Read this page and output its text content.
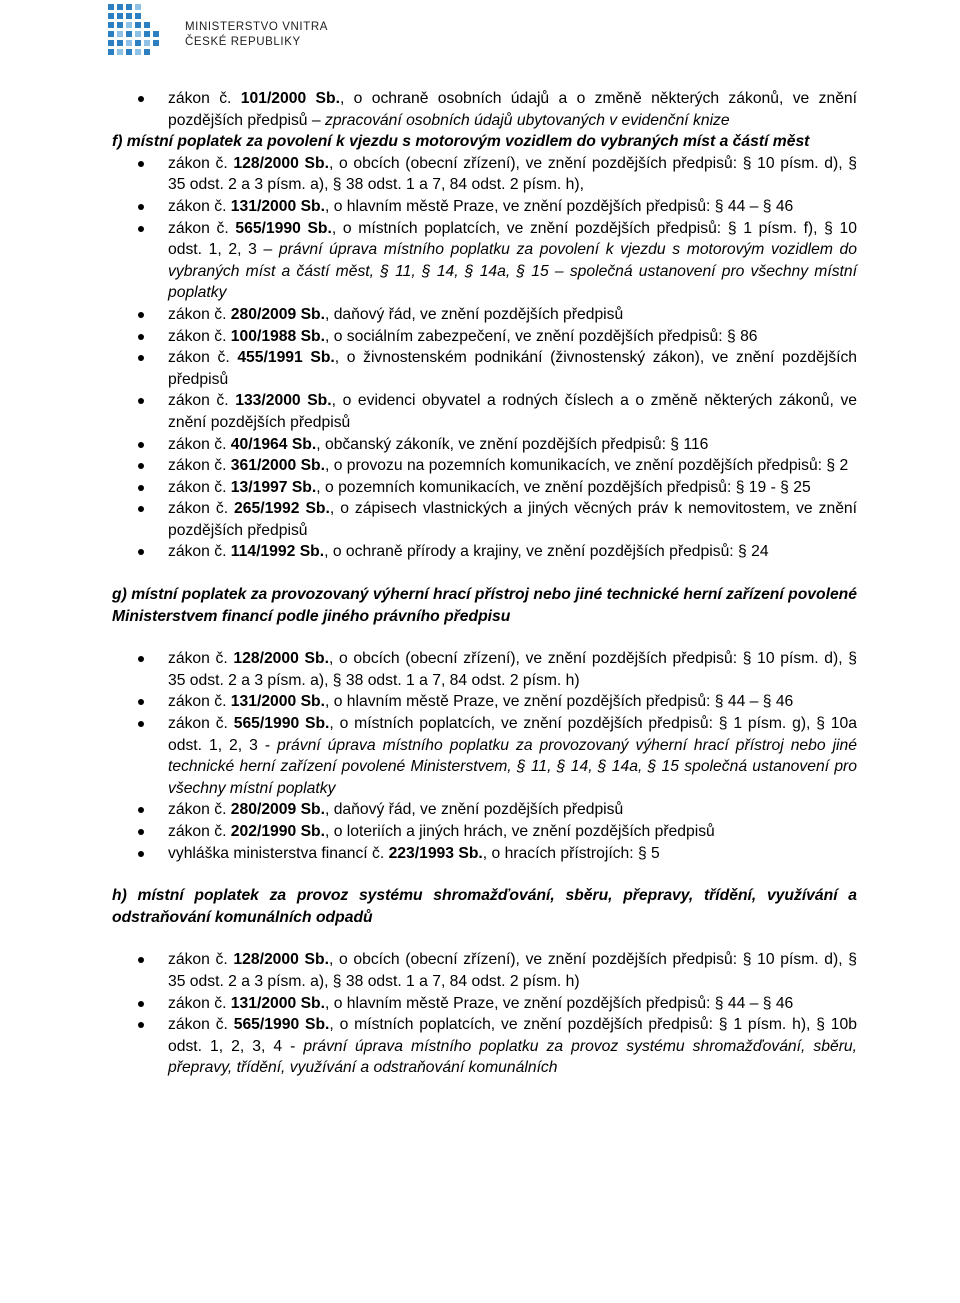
MINISTERSTVO VNITRA
ČESKÉ REPUBLIKY
zákon č. 101/2000 Sb., o ochraně osobních údajů a o změně některých zákonů, ve znění pozdějších předpisů – zpracování osobních údajů ubytovaných v evidenční knize
f) místní poplatek za povolení k vjezdu s motorovým vozidlem do vybraných míst a částí měst
zákon č. 128/2000 Sb., o obcích (obecní zřízení), ve znění pozdějších předpisů: § 10 písm. d), § 35 odst. 2 a 3 písm. a), § 38 odst. 1 a 7, 84 odst. 2 písm. h),
zákon č. 131/2000 Sb., o hlavním městě Praze, ve znění pozdějších předpisů: § 44 – § 46
zákon č. 565/1990 Sb., o místních poplatcích, ve znění pozdějších předpisů: § 1 písm. f), § 10 odst. 1, 2, 3 – právní úprava místního poplatku za povolení k vjezdu s motorovým vozidlem do vybraných míst a částí měst, § 11, § 14, § 14a, § 15 – společná ustanovení pro všechny místní poplatky
zákon č. 280/2009 Sb., daňový řád, ve znění pozdějších předpisů
zákon č. 100/1988 Sb., o sociálním zabezpečení, ve znění pozdějších předpisů: § 86
zákon č. 455/1991 Sb., o živnostenském podnikání (živnostenský zákon), ve znění pozdějších předpisů
zákon č. 133/2000 Sb., o evidenci obyvatel a rodných číslech a o změně některých zákonů, ve znění pozdějších předpisů
zákon č. 40/1964 Sb., občanský zákoník, ve znění pozdějších předpisů: § 116
zákon č. 361/2000 Sb., o provozu na pozemních komunikacích, ve znění pozdějších předpisů: § 2
zákon č. 13/1997 Sb., o pozemních komunikacích, ve znění pozdějších předpisů: § 19 - § 25
zákon č. 265/1992 Sb., o zápisech vlastnických a jiných věcných práv k nemovitostem, ve znění pozdějších předpisů
zákon č. 114/1992 Sb., o ochraně přírody a krajiny, ve znění pozdějších předpisů: § 24
g) místní poplatek za provozovaný výherní hrací přístroj nebo jiné technické herní zařízení povolené Ministerstvem financí podle jiného právního předpisu
zákon č. 128/2000 Sb., o obcích (obecní zřízení), ve znění pozdějších předpisů: § 10 písm. d), § 35 odst. 2 a 3 písm. a), § 38 odst. 1 a 7, 84 odst. 2 písm. h)
zákon č. 131/2000 Sb., o hlavním městě Praze, ve znění pozdějších předpisů: § 44 – § 46
zákon č. 565/1990 Sb., o místních poplatcích, ve znění pozdějších předpisů: § 1 písm. g), § 10a odst. 1, 2, 3 - právní úprava místního poplatku za provozovaný výherní hrací přístroj nebo jiné technické herní zařízení povolené Ministerstvem, § 11, § 14, § 14a, § 15 společná ustanovení pro všechny místní poplatky
zákon č. 280/2009 Sb., daňový řád, ve znění pozdějších předpisů
zákon č. 202/1990 Sb., o loteriích a jiných hrách, ve znění pozdějších předpisů
vyhláška ministerstva financí č. 223/1993 Sb., o hracích přístrojích: § 5
h) místní poplatek za provoz systému shromažďování, sběru, přepravy, třídění, využívání a odstraňování komunálních odpadů
zákon č. 128/2000 Sb., o obcích (obecní zřízení), ve znění pozdějších předpisů: § 10 písm. d), § 35 odst. 2 a 3 písm. a), § 38 odst. 1 a 7, 84 odst. 2 písm. h)
zákon č. 131/2000 Sb., o hlavním městě Praze, ve znění pozdějších předpisů: § 44 – § 46
zákon č. 565/1990 Sb., o místních poplatcích, ve znění pozdějších předpisů: § 1 písm. h), § 10b odst. 1, 2, 3, 4 - právní úprava místního poplatku za provoz systému shromažďování, sběru, přepravy, třídění, využívání a odstraňování komunálních
